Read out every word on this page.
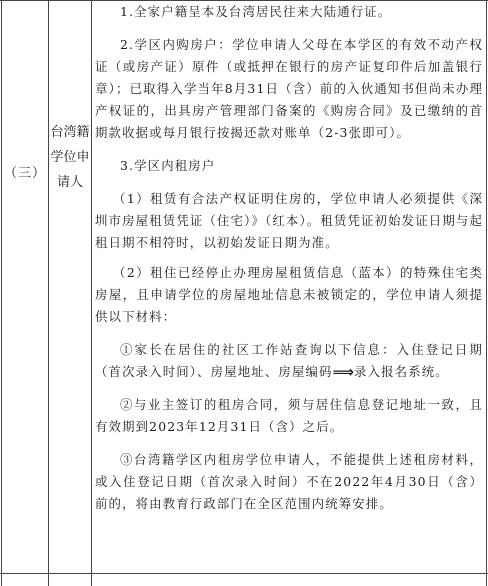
（三）
台湾籍学位申请人

1.全家户籍呈本及台湾居民往来大陆通行证。

2.学区内购房户：学位申请人父母在本学区的有效不动产权证（或房产证）原件（或抵押在银行的房产证复印件后加盖银行章）；已取得入学当年8月31日（含）前的入伙通知书但尚未办理产权证的，出具房产管理部门备案的《购房合同》及已缴纳的首期款收据或每月银行按揭还款对账单（2-3张即可）。

3.学区内租房户

（1）租赁有合法产权证明住房的，学位申请人必须提供《深圳市房屋租赁凭证（住宅）》（红本）。租赁凭证初始发证日期与起租日期不相符时，以初始发证日期为准。

（2）租住已经停止办理房屋租赁信息（蓝本）的特殊住宅类房屋，且申请学位的房屋地址信息未被锁定的，学位申请人须提供以下材料：

①家长在居住的社区工作站查询以下信息：入住登记日期（首次录入时间）、房屋地址、房屋编码⟹录入报名系统。

②与业主签订的租房合同，须与居住信息登记地址一致，且有效期到2023年12月31日（含）之后。

③台湾籍学区内租房学位申请人，不能提供上述租房材料，或入住登记日期（首次录入时间）不在2022年4月30日（含）前的，将由教育行政部门在全区范围内统筹安排。
